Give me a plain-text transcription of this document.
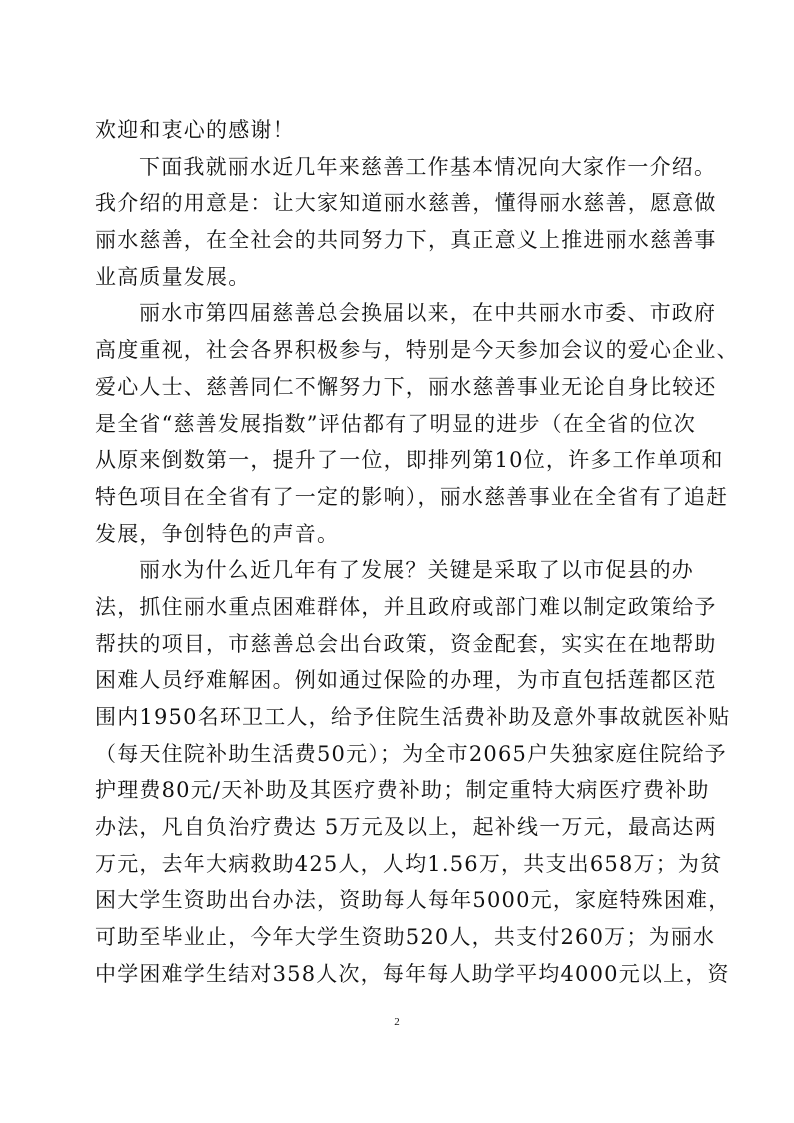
欢迎和衷心的感谢！
下面我就丽水近几年来慈善工作基本情况向大家作一介绍。
我介绍的用意是：让大家知道丽水慈善，懂得丽水慈善，愿意做
丽水慈善，在全社会的共同努力下，真正意义上推进丽水慈善事
业高质量发展。
丽水市第四届慈善总会换届以来，在中共丽水市委、市政府
高度重视，社会各界积极参与，特别是今天参加会议的爱心企业、
爱心人士、慈善同仁不懈努力下，丽水慈善事业无论自身比较还
是全省“慈善发展指数”评估都有了明显的进步（在全省的位次
从原来倒数第一，提升了一位，即排列第10位，许多工作单项和
特色项目在全省有了一定的影响），丽水慈善事业在全省有了追赶
发展，争创特色的声音。
丽水为什么近几年有了发展？关键是采取了以市促县的办
法，抓住丽水重点困难群体，并且政府或部门难以制定政策给予
帮扶的项目，市慈善总会出台政策，资金配套，实实在在地帮助
困难人员纾难解困。例如通过保险的办理，为市直包括莲都区范
围内1950名环卫工人，给予住院生活费补助及意外事故就医补贴
（每天住院补助生活费50元）；为全市2065户失独家庭住院给予
护理费80元/天补助及其医疗费补助；制定重特大病医疗费补助
办法，凡自负治疗费达 5万元及以上，起补线一万元，最高达两
万元，去年大病救助425人，人均1.56万，共支出658万；为贫
困大学生资助出台办法，资助每人每年5000元，家庭特殊困难，
可助至毕业止，今年大学生资助520人，共支付260万；为丽水
中学困难学生结对358人次，每年每人助学平均4000元以上，资
2
